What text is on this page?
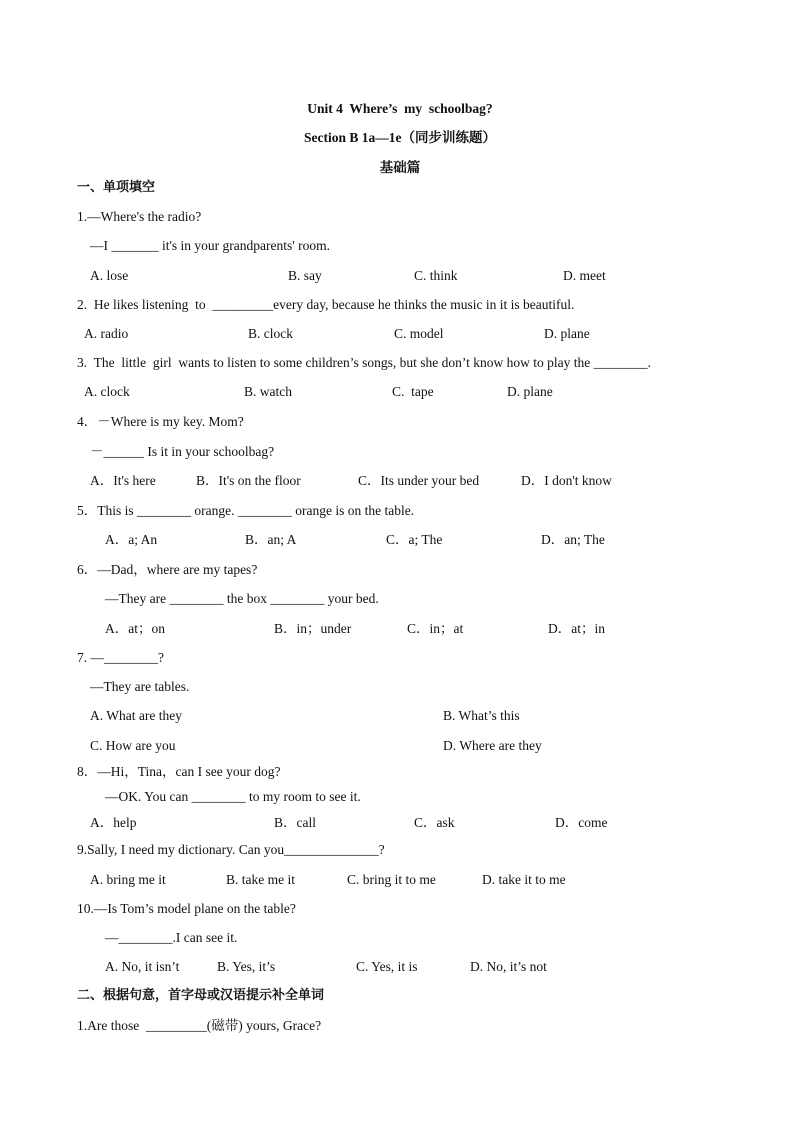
Unit 4  Where’s  my  schoolbag?
Section B 1a—1e（同步训练题）
基础篇
一、单项填空
1.—Where's the radio?
—I _______ it's in your grandparents' room.
A. lose	B. say	C. think	D. meet
2.  He likes listening  to  _________every day, because he thinks the music in it is beautiful.
A. radio	B. clock	C. model	D. plane
3.  The  little  girl  wants to listen to some children’s songs, but she don’t know how to play the ________.
A. clock	B. watch	C.  tape	D. plane
4．－Where is my key. Mom?
－______ Is it in your schoolbag?
A．It's here	B．It's on the floor	C．Its under your bed	D．I don't know
5．This is ________ orange. ________ orange is on the table.
A．a; An	B．an; A	C．a; The	D．an; The
6．—Dad，where are my tapes?
—They are ________ the box ________ your bed.
A．at；on	B．in；under	C．in；at	D．at；in
7. —________?
—They are tables.
A. What are they	B. What’s this
C. How are you	D. Where are they
8．—Hi，Tina，can I see your dog?
—OK. You can ________ to my room to see it.
A．help	B．call	C．ask	D．come
9.Sally, I need my dictionary. Can you______________?
A. bring me it	B. take me it	C. bring it to me	D. take it to me
10.—Is Tom’s model plane on the table?
—________.I can see it.
A. No, it isn’t	B. Yes, it’s	C. Yes, it is	D. No, it’s not
二、根据句意，首字母或汉语提示补全单词
1.Are those  _________(磁带) yours, Grace?
